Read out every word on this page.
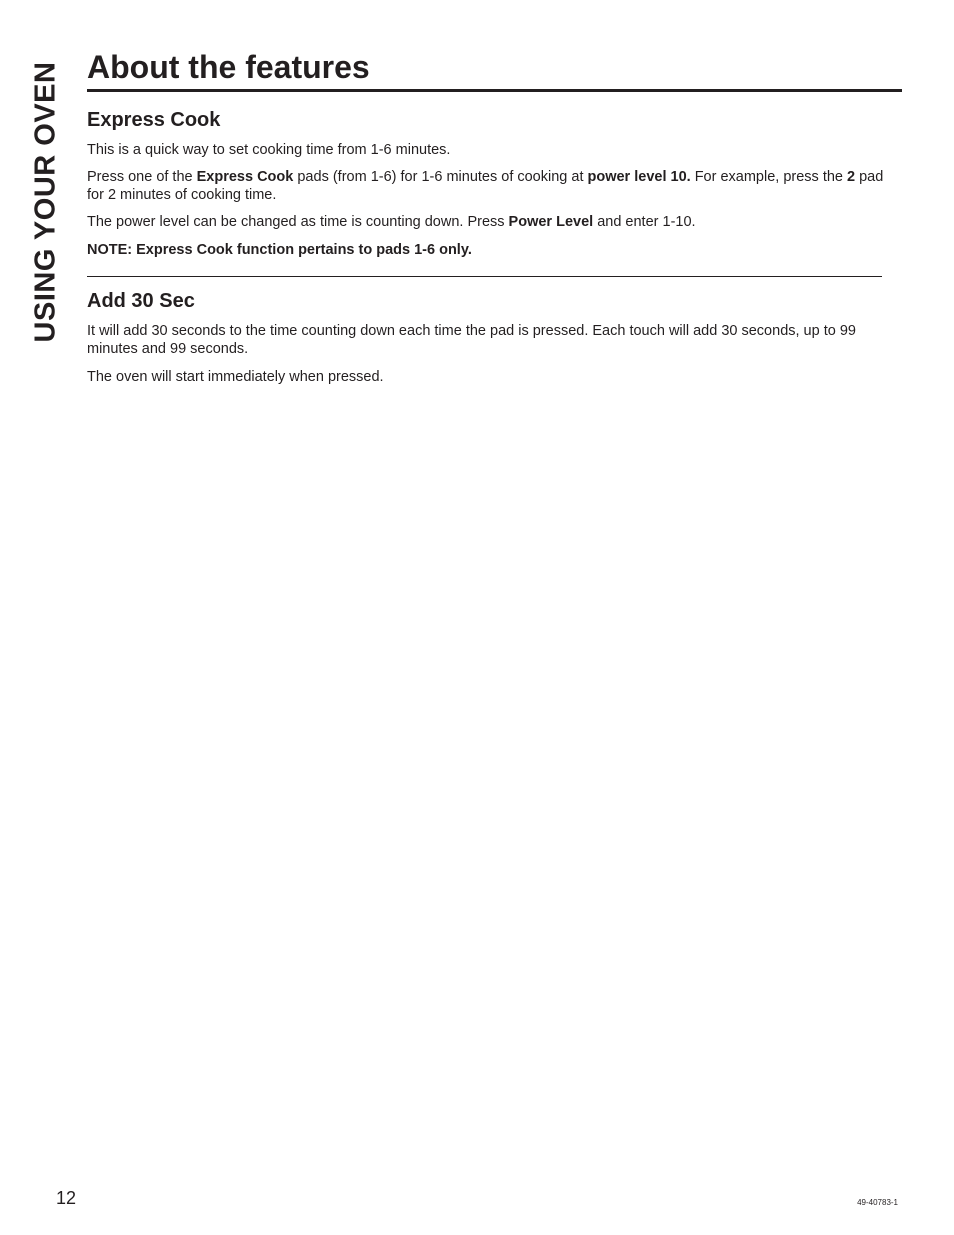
USING YOUR OVEN About the features
Express Cook

This is a quick way to set cooking time from 1-6 minutes.

Press one of the Express Cook pads (from 1-6) for 1-6 minutes of cooking at power level 10. For example, press the 2 pad for 2 minutes of cooking time.

The power level can be changed as time is counting down. Press Power Level and enter 1-10.

NOTE: Express Cook function pertains to pads 1-6 only.

Add 30 Sec

It will add 30 seconds to the time counting down each time the pad is pressed. Each touch will add 30 seconds, up to 99 minutes and 99 seconds.

The oven will start immediately when pressed.

12	49-40783-1
